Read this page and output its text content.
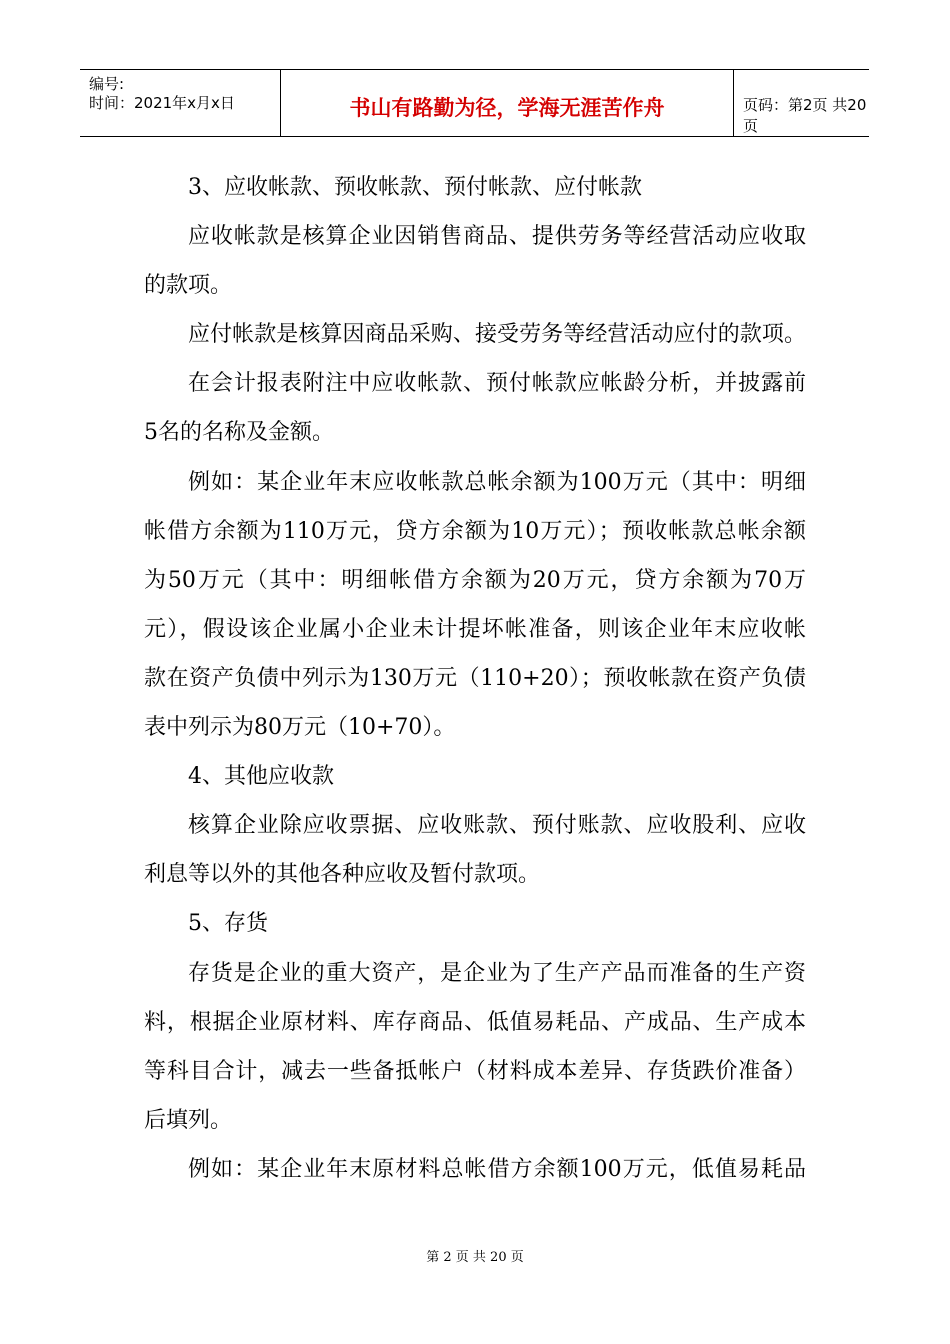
编号:
时间：2021年x月x日	书山有路勤为径，学海无涯苦作舟	页码：第2页 共20页
3、应收帐款、预收帐款、预付帐款、应付帐款
应收帐款是核算企业因销售商品、提供劳务等经营活动应收取
的款项。
应付帐款是核算因商品采购、接受劳务等经营活动应付的款项。
在会计报表附注中应收帐款、预付帐款应帐龄分析，并披露前
5名的名称及金额。
例如：某企业年末应收帐款总帐余额为100万元（其中：明细
帐借方余额为110万元，贷方余额为10万元）；预收帐款总帐余额
为50万元（其中：明细帐借方余额为20万元，贷方余额为70万
元），假设该企业属小企业未计提坏帐准备，则该企业年末应收帐
款在资产负债中列示为130万元（110+20）；预收帐款在资产负债
表中列示为80万元（10+70）。
4、其他应收款
核算企业除应收票据、应收账款、预付账款、应收股利、应收
利息等以外的其他各种应收及暂付款项。
5、存货
存货是企业的重大资产，是企业为了生产产品而准备的生产资
料，根据企业原材料、库存商品、低值易耗品、产成品、生产成本
等科目合计，减去一些备抵帐户（材料成本差异、存货跌价准备）
后填列。
例如：某企业年末原材料总帐借方余额100万元，低值易耗品
第 2 页 共 20 页
